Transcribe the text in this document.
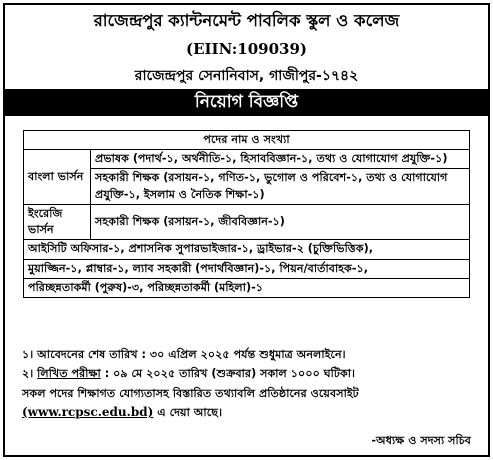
রাজেন্দ্রপুর ক্যান্টনমেন্ট পাবলিক স্কুল ও কলেজ
(EIIN:109039)
রাজেন্দ্রপুর সেনানিবাস, গাজীপুর-১৭৪২
নিয়োগ বিজ্ঞপ্তি
পদের নাম ও সংখ্যা	
বাংলা ভার্সন	প্রভাষক (পদার্থ-১, অর্থনীতি-১, হিসাববিজ্ঞান-১, তথ্য ও যোগাযোগ প্রযুক্তি-১)
	সহকারী শিক্ষক (রসায়ন-১, গণিত-১, ভুগোল ও পরিবেশ-১, তথ্য ও যোগাযোগ প্রযুক্তি-১, ইসলাম ও নৈতিক শিক্ষা-১)
ইংরেজি ভার্সন	সহকারী শিক্ষক (রসায়ন-১, জীববিজ্ঞান-১)
আইসিটি অফিসার-১, প্রশাসনিক সুপারভাইজার-১, ড্রাইভার-২ (চুক্তিভিত্তিক),	
মুয়াজ্জিন-১, প্লাম্বার-১, ল্যাব সহকারী (পদার্থবিজ্ঞান)-১, পিয়ন/বার্তাবাহক-১,	
পরিচ্ছন্নতাকর্মী (পুরুষ)-৩, পরিচ্ছন্নতাকর্মী (মহিলা)-১	
১। আবেদনের শেষ তারিখ : ৩০ এপ্রিল ২০২৫ পর্যন্ত শুধুমাত্র অনলাইনে।
২। লিখিত পরীক্ষা : ০৯ মে ২০২৫ তারিখ (শুক্রবার) সকাল ১০০০ ঘটিকা।
সকল পদের শিক্ষাগত যোগ্যতাসহ বিস্তারিত তথ্যাবলি প্রতিষ্ঠানের ওয়েবসাইট
(www.rcpsc.edu.bd) এ দেয়া আছে।
-অধ্যক্ষ ও সদস্য সচিব
